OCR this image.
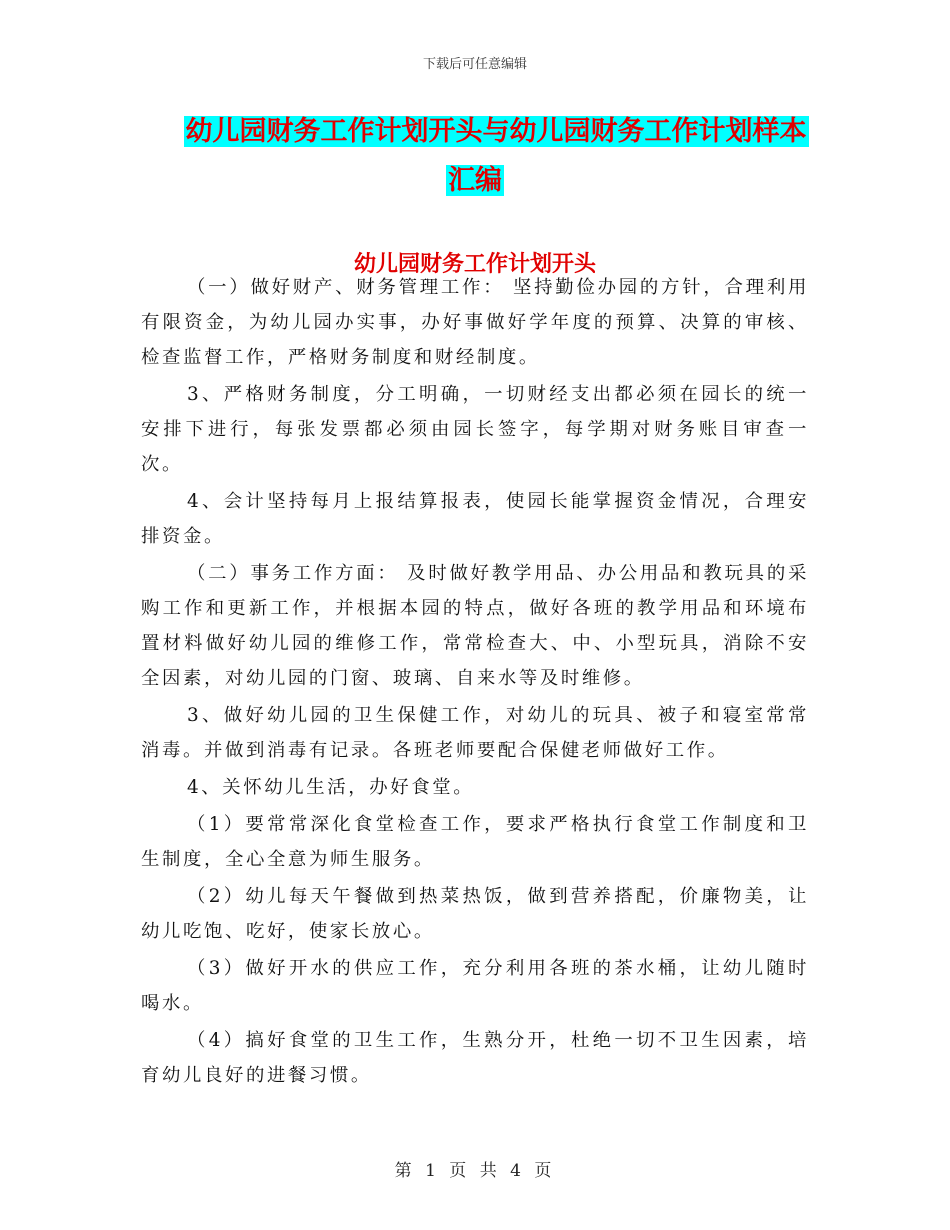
下载后可任意编辑
幼儿园财务工作计划开头与幼儿园财务工作计划样本
汇编
幼儿园财务工作计划开头

（一）做好财产、财务管理工作： 坚持勤俭办园的方针，合理利用有限资金，为幼儿园办实事，办好事做好学年度的预算、决算的审核、检查监督工作，严格财务制度和财经制度。

3、严格财务制度，分工明确，一切财经支出都必须在园长的统一安排下进行，每张发票都必须由园长签字，每学期对财务账目审查一次。

4、会计坚持每月上报结算报表，使园长能掌握资金情况，合理安排资金。

（二）事务工作方面： 及时做好教学用品、办公用品和教玩具的采购工作和更新工作，并根据本园的特点，做好各班的教学用品和环境布置材料做好幼儿园的维修工作，常常检查大、中、小型玩具，消除不安全因素，对幼儿园的门窗、玻璃、自来水等及时维修。

3、做好幼儿园的卫生保健工作，对幼儿的玩具、被子和寝室常常消毒。并做到消毒有记录。各班老师要配合保健老师做好工作。

4、关怀幼儿生活，办好食堂。

（1）要常常深化食堂检查工作，要求严格执行食堂工作制度和卫生制度，全心全意为师生服务。

（2）幼儿每天午餐做到热菜热饭，做到营养搭配，价廉物美，让幼儿吃饱、吃好，使家长放心。

（3）做好开水的供应工作，充分利用各班的茶水桶，让幼儿随时喝水。

（4）搞好食堂的卫生工作，生熟分开，杜绝一切不卫生因素，培育幼儿良好的进餐习惯。

第 1 页 共 4 页
